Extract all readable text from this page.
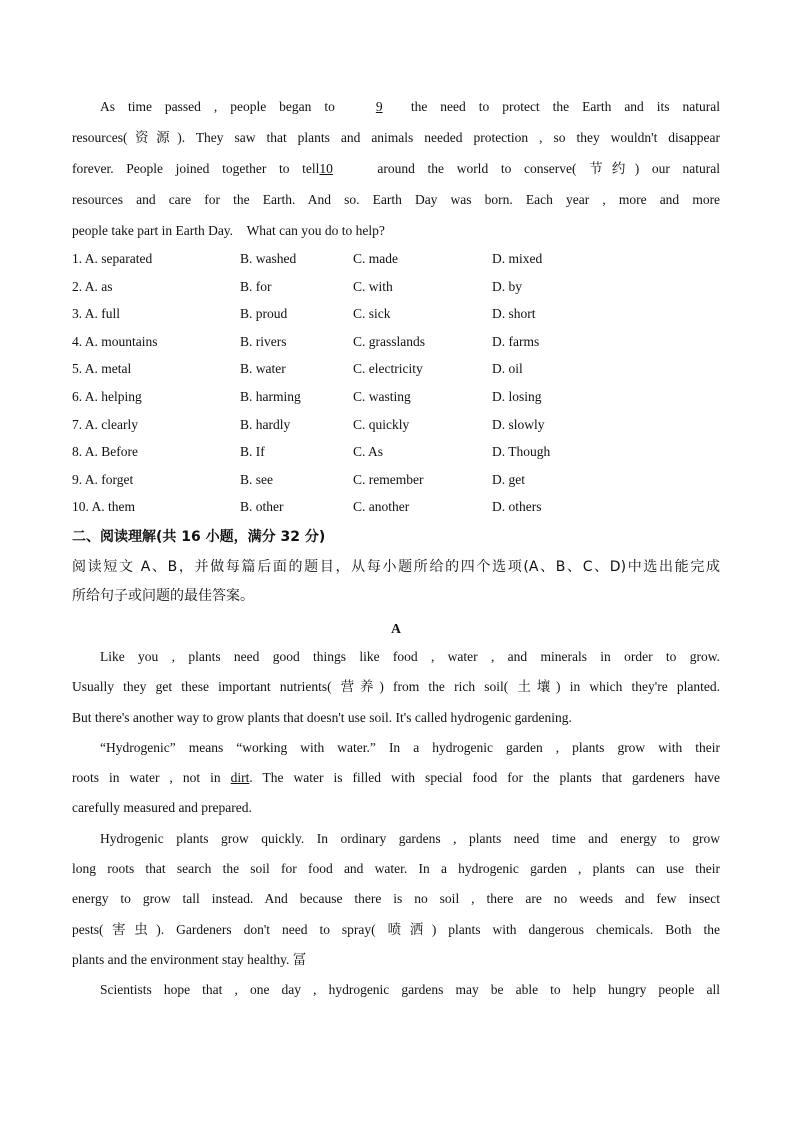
As time passed , people began to	9 the need to protect the Earth and its natural
resources(资源). They saw that plants and animals needed protection , so they wouldn't disappear
forever. People joined together to tell10	around the world to conserve( 节约) our natural
resources and care for the Earth. And so. Earth Day was born. Each year , more and more
people take part in Earth Day. What can you do to help?
1. A. separated	B. washed	C. made	D. mixed
2. A. as	B. for	C. with	D. by
3. A. full	B. proud	C. sick	D. short
4. A. mountains	B. rivers	C. grasslands	D. farms
5. A. metal	B. water	C. electricity	D. oil
6. A. helping	B. harming	C. wasting	D. losing
7. A. clearly	B. hardly	C. quickly	D. slowly
8. A. Before	B. If	C. As	D. Though
9. A. forget	B. see	C. remember	D. get
10. A. them	B. other	C. another	D. others
二、阅读理解(共 16 小题，满分 32 分)
阅读短文 A、B，并做每篇后面的题目，从每小题所给的四个选项(A、B、C、D)中选出能完成
所给句子或问题的最佳答案。
A
Like you , plants need good things like food , water , and minerals in order to grow.
Usually they get these important nutrients( 营养) from the rich soil( 土壤) in which they're planted.
But there's another way to grow plants that doesn't use soil. It's called hydrogenic gardening.
“Hydrogenic” means “working with water.” In a hydrogenic garden , plants grow with their
roots in water , not in dirt. The water is filled with special food for the plants that gardeners have
carefully measured and prepared.
Hydrogenic plants grow quickly. In ordinary gardens , plants need time and energy to grow
long roots that search the soil for food and water. In a hydrogenic garden , plants can use their
energy to grow tall instead. And because there is no soil , there are no weeds and few insect
pests(害虫). Gardeners don't need to spray( 喷洒) plants with dangerous chemicals. Both the
plants and the environment stay healthy. 冨
Scientists hope that , one day , hydrogenic gardens may be able to help hungry people all
